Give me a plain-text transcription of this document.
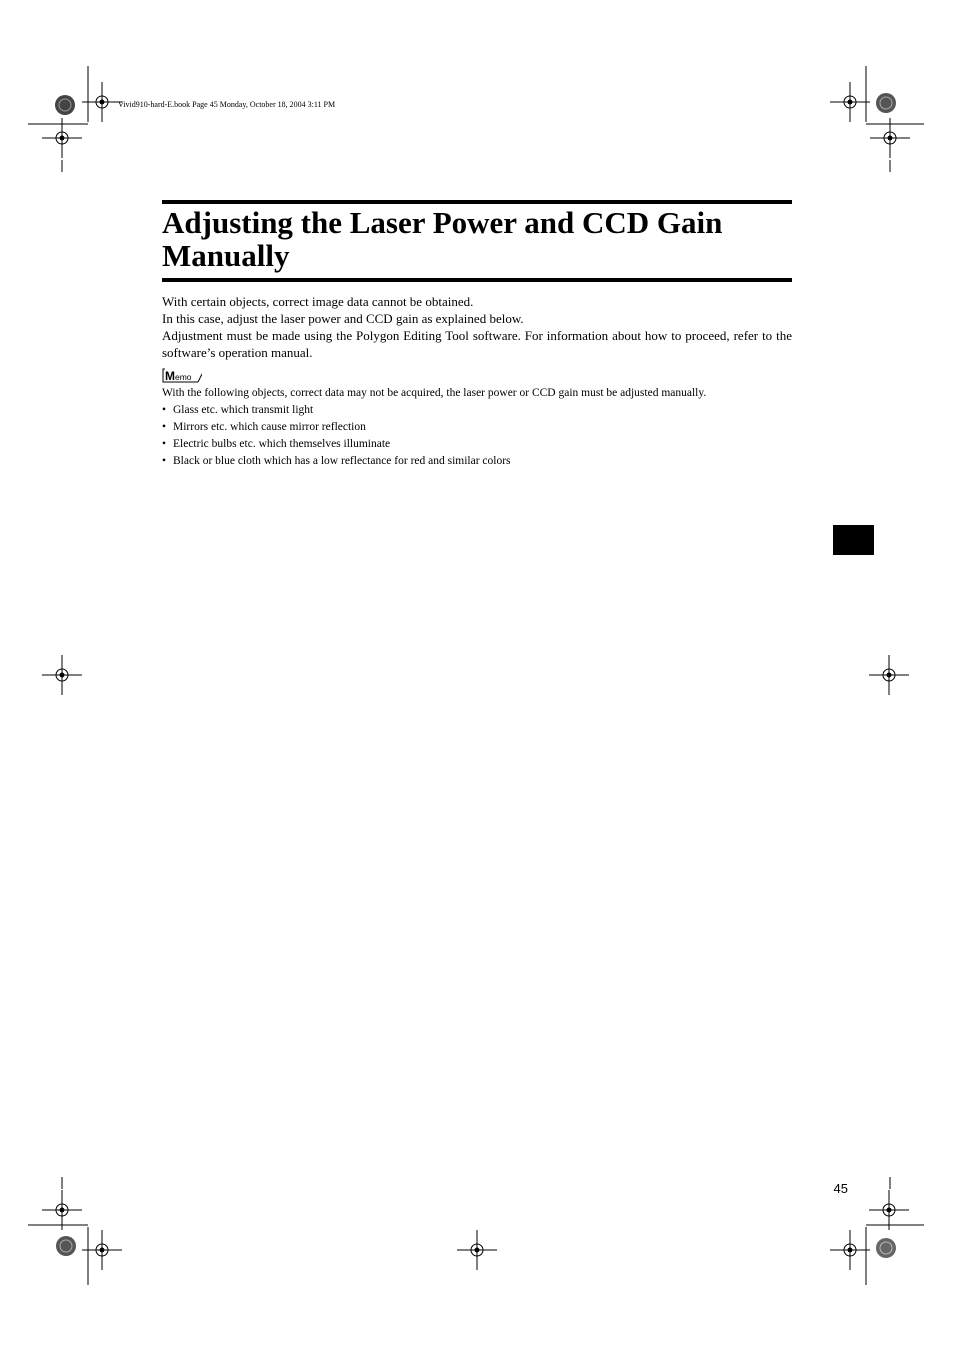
Vivid910-hard-E.book Page 45 Monday, October 18, 2004 3:11 PM
Adjusting the Laser Power and CCD Gain
Manually

With certain objects, correct image data cannot be obtained.

In this case, adjust the laser power and CCD gain as explained below.

Adjustment must be made using the Polygon Editing Tool software. For information about how to proceed, refer to the software’s operation manual.

M emo

With the following objects, correct data may not be acquired, the laser power or CCD gain must be adjusted manually.

• Glass etc. which transmit light
• Mirrors etc. which cause mirror reflection
• Electric bulbs etc. which themselves illuminate
• Black or blue cloth which has a low reflectance for red and similar colors
45
